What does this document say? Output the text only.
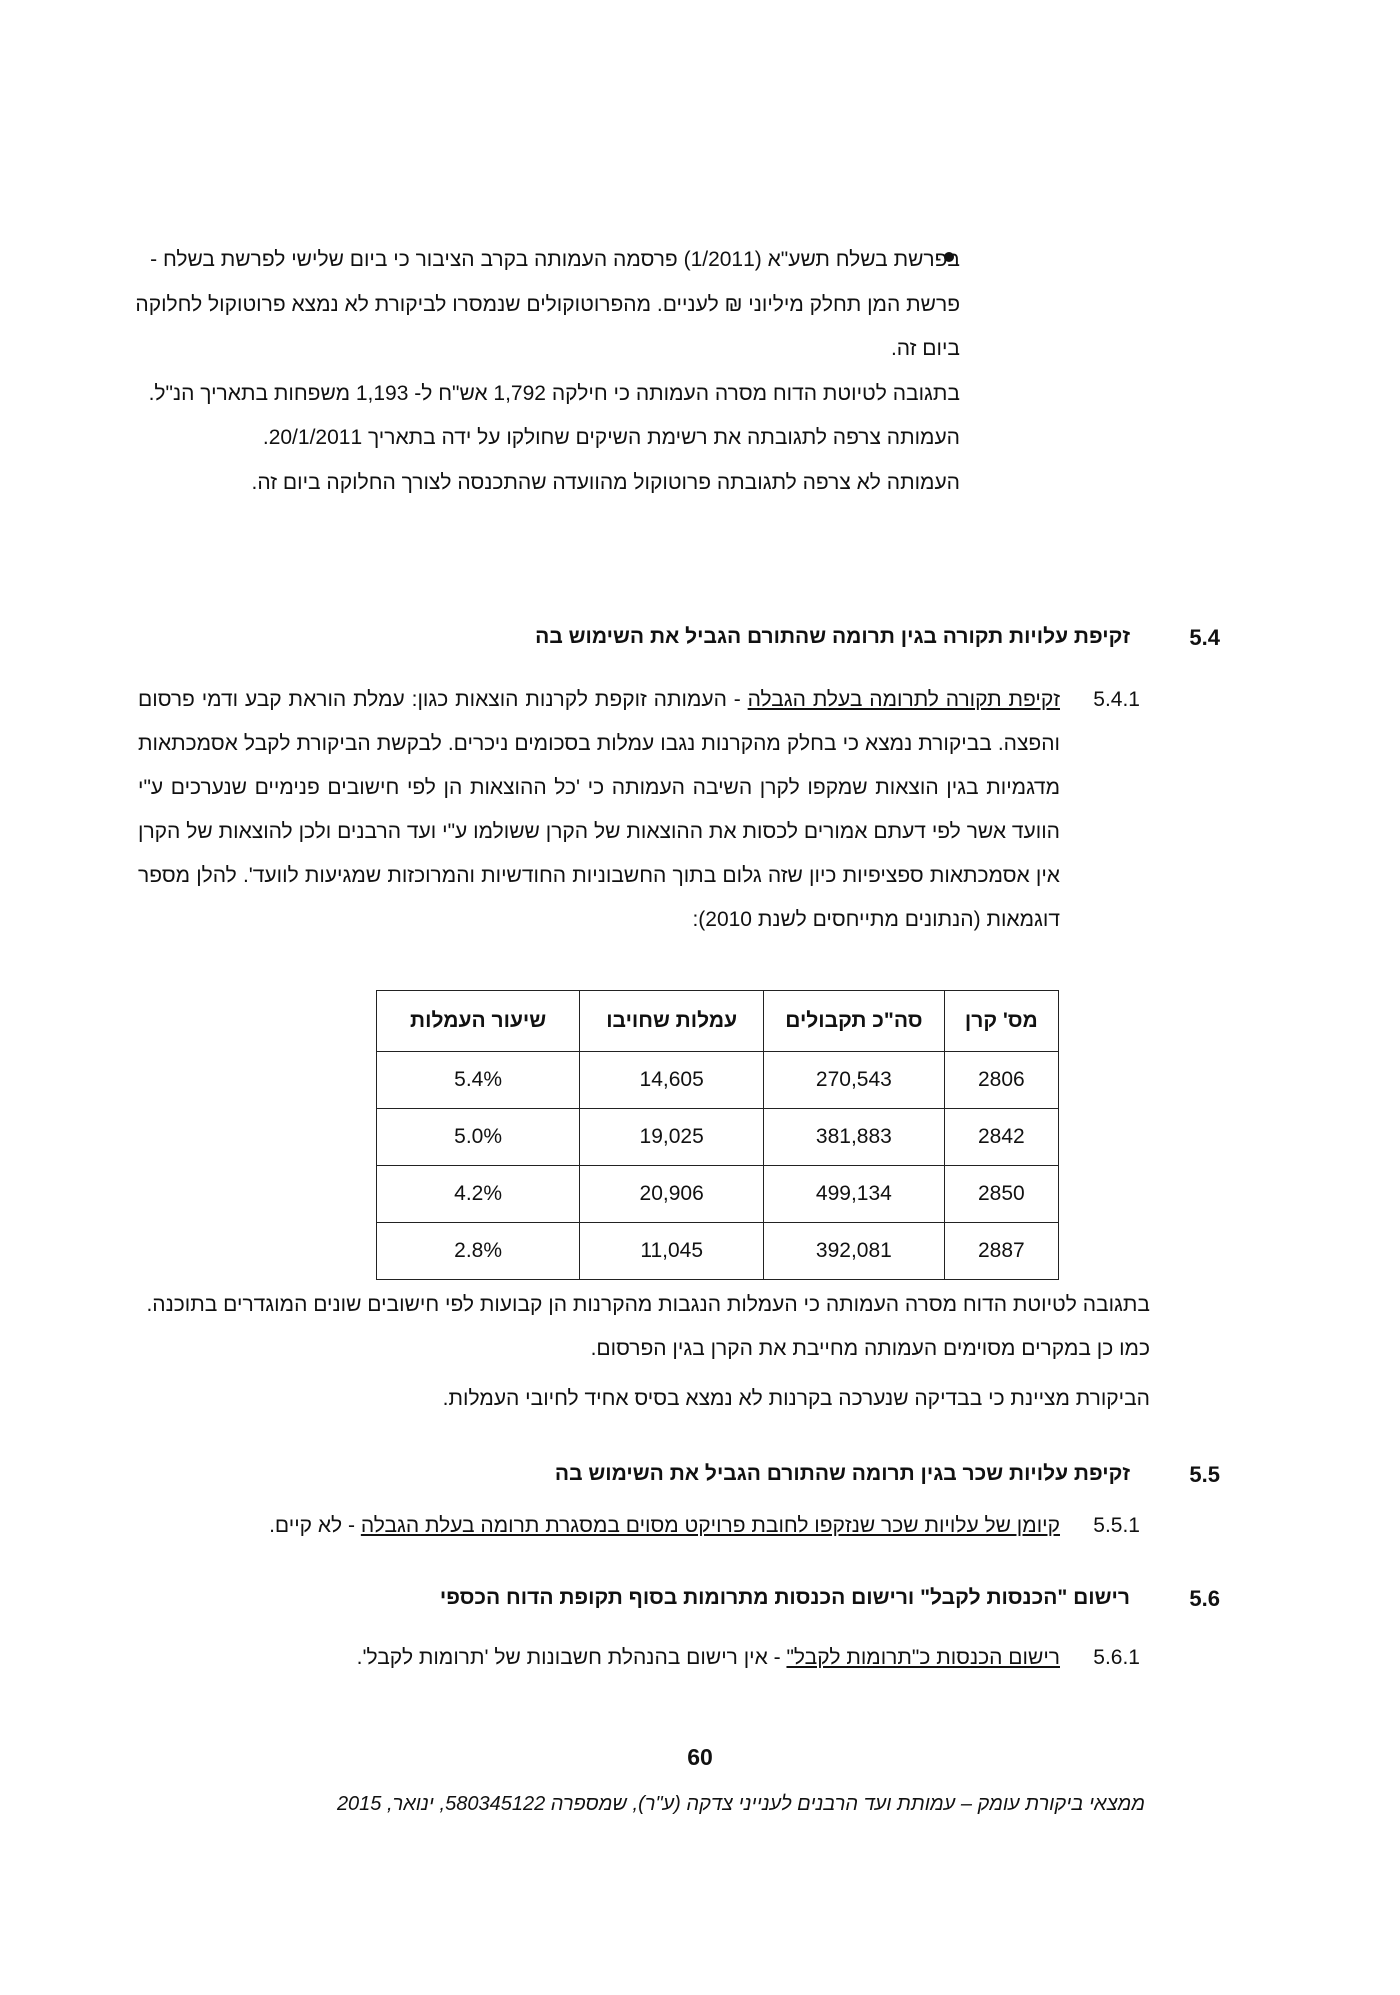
בפרשת בשלח תשע"א (1/2011) פרסמה העמותה בקרב הציבור כי ביום שלישי לפרשת בשלח - פרשת המן תחלק מיליוני ₪ לעניים. מהפרוטוקולים שנמסרו לביקורת לא נמצא פרוטוקול לחלוקה ביום זה.

בתגובה לטיוטת הדוח מסרה העמותה כי חילקה 1,792 אש"ח ל- 1,193 משפחות בתאריך הנ"ל. העמותה צרפה לתגובתה את רשימת השיקים שחולקו על ידה בתאריך 20/1/2011.

העמותה לא צרפה לתגובתה פרוטוקול מהוועדה שהתכנסה לצורך החלוקה ביום זה.

5.4
זקיפת עלויות תקורה בגין תרומה שהתורם הגביל את השימוש בה
5.4.1

זקיפת תקורה לתרומה בעלת הגבלה - העמותה זוקפת לקרנות הוצאות כגון: עמלת הוראת קבע ודמי פרסום והפצה. בביקורת נמצא כי בחלק מהקרנות נגבו עמלות בסכומים ניכרים. לבקשת הביקורת לקבל אסמכתאות מדגמיות בגין הוצאות שמקפו לקרן השיבה העמותה כי 'כל ההוצאות הן לפי חישובים פנימיים שנערכים ע"י הוועד אשר לפי דעתם אמורים לכסות את ההוצאות של הקרן ששולמו ע"י ועד הרבנים ולכן להוצאות של הקרן אין אסמכתאות ספציפיות כיון שזה גלום בתוך החשבוניות החודשיות והמרוכזות שמגיעות לוועד'. להלן מספר דוגמאות (הנתונים מתייחסים לשנת 2010):

מס' קרן	סה"כ תקבולים	עמלות שחויבו	שיעור העמלות
2806	270,543	14,605	5.4%
2842	381,883	19,025	5.0%
2850	499,134	20,906	4.2%
2887	392,081	11,045	2.8%

בתגובה לטיוטת הדוח מסרה העמותה כי העמלות הנגבות מהקרנות הן קבועות לפי חישובים שונים המוגדרים בתוכנה. כמו כן במקרים מסוימים העמותה מחייבת את הקרן בגין הפרסום.

הביקורת מציינת כי בבדיקה שנערכה בקרנות לא נמצא בסיס אחיד לחיובי העמלות.

5.5
זקיפת עלויות שכר בגין תרומה שהתורם הגביל את השימוש בה
5.5.1
קיומן של עלויות שכר שנזקפו לחובת פרויקט מסוים במסגרת תרומה בעלת הגבלה - לא קיים.
5.6
רישום "הכנסות לקבל" ורישום הכנסות מתרומות בסוף תקופת הדוח הכספי
5.6.1
רישום הכנסות כ"תרומות לקבל" - אין רישום בהנהלת חשבונות של 'תרומות לקבל'.
60
ממצאי ביקורת עומק – עמותת ועד הרבנים לענייני צדקה (ע"ר), שמספרה 580345122, ינואר, 2015
